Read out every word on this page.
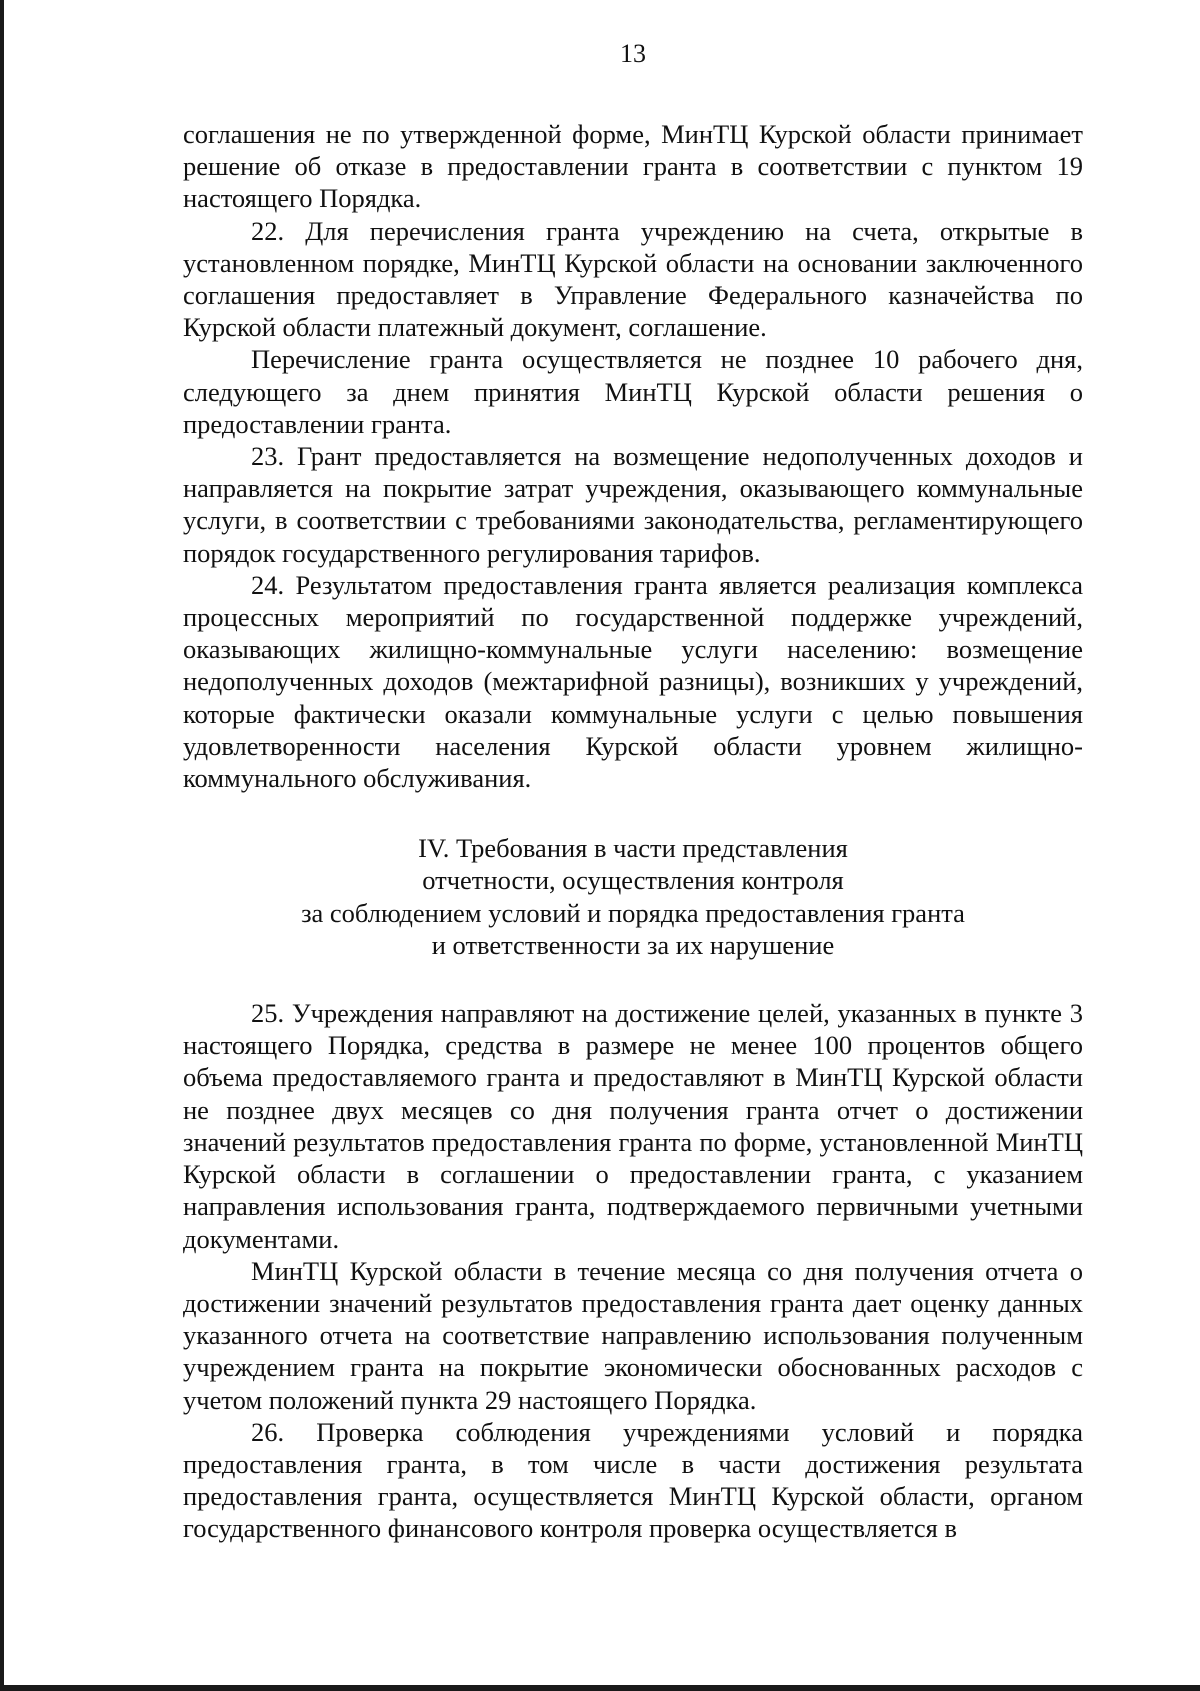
13

соглашения не по утвержденной форме, МинТЦ Курской области принимает решение об отказе в предоставлении гранта в соответствии с пунктом 19 настоящего Порядка.

22. Для перечисления гранта учреждению на счета, открытые в установленном порядке, МинТЦ Курской области на основании заключенного соглашения предоставляет в Управление Федерального казначейства по Курской области платежный документ, соглашение.

Перечисление гранта осуществляется не позднее 10 рабочего дня, следующего за днем принятия МинТЦ Курской области решения о предоставлении гранта.

23. Грант предоставляется на возмещение недополученных доходов и направляется на покрытие затрат учреждения, оказывающего коммунальные услуги, в соответствии с требованиями законодательства, регламентирующего порядок государственного регулирования тарифов.

24. Результатом предоставления гранта является реализация комплекса процессных мероприятий по государственной поддержке учреждений, оказывающих жилищно-коммунальные услуги населению: возмещение недополученных доходов (межтарифной разницы), возникших у учреждений, которые фактически оказали коммунальные услуги с целью повышения удовлетворенности населения Курской области уровнем жилищно-коммунального обслуживания.

IV. Требования в части представления
отчетности, осуществления контроля
за соблюдением условий и порядка предоставления гранта
и ответственности за их нарушение

25. Учреждения направляют на достижение целей, указанных в пункте 3 настоящего Порядка, средства в размере не менее 100 процентов общего объема предоставляемого гранта и предоставляют в МинТЦ Курской области не позднее двух месяцев со дня получения гранта отчет о достижении значений результатов предоставления гранта по форме, установленной МинТЦ Курской области в соглашении о предоставлении гранта, с указанием направления использования гранта, подтверждаемого первичными учетными документами.

МинТЦ Курской области в течение месяца со дня получения отчета о достижении значений результатов предоставления гранта дает оценку данных указанного отчета на соответствие направлению использования полученным учреждением гранта на покрытие экономически обоснованных расходов с учетом положений пункта 29 настоящего Порядка.

26. Проверка соблюдения учреждениями условий и порядка предоставления гранта, в том числе в части достижения результата предоставления гранта, осуществляется МинТЦ Курской области, органом государственного финансового контроля проверка осуществляется в
